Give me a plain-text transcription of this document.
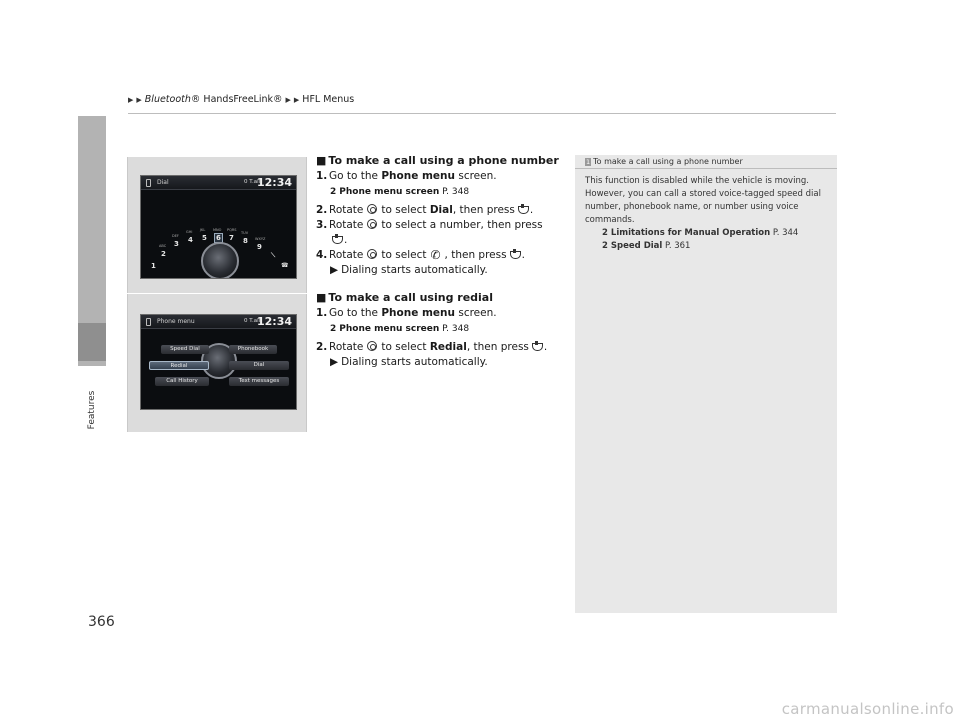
▶ ▶ Bluetooth® HandsFreeLink® ▶ ▶ HFL Menus
Features
366
Dial	0 T.all
12:34
1
ABC
2
DEF
3
GHI
4
JKL
5
MNO
6
PQRS
7
TUV
8 WXYZ
9
⟍
☎
Phone menu	0 T.all
12:34
Speed Dial	Phonebook
Redial	Dial
Call History	Text messages
■ To make a call using a phone number
1. Go to the Phone menu screen.
2 Phone menu screen P. 348
2. Rotate to select Dial, then press .
3. Rotate to select a number, then press
.
4. Rotate to select ✆ , then press .
▶ Dialing starts automatically.
■ To make a call using redial
1. Go to the Phone menu screen.
2 Phone menu screen P. 348
2. Rotate to select Redial, then press .
▶ Dialing starts automatically.
1 To make a call using a phone number
This function is disabled while the vehicle is moving. However, you can call a stored voice-tagged speed dial number, phonebook name, or number using voice commands.
2 Limitations for Manual Operation P. 344
2 Speed Dial P. 361
carmanualsonline.info
